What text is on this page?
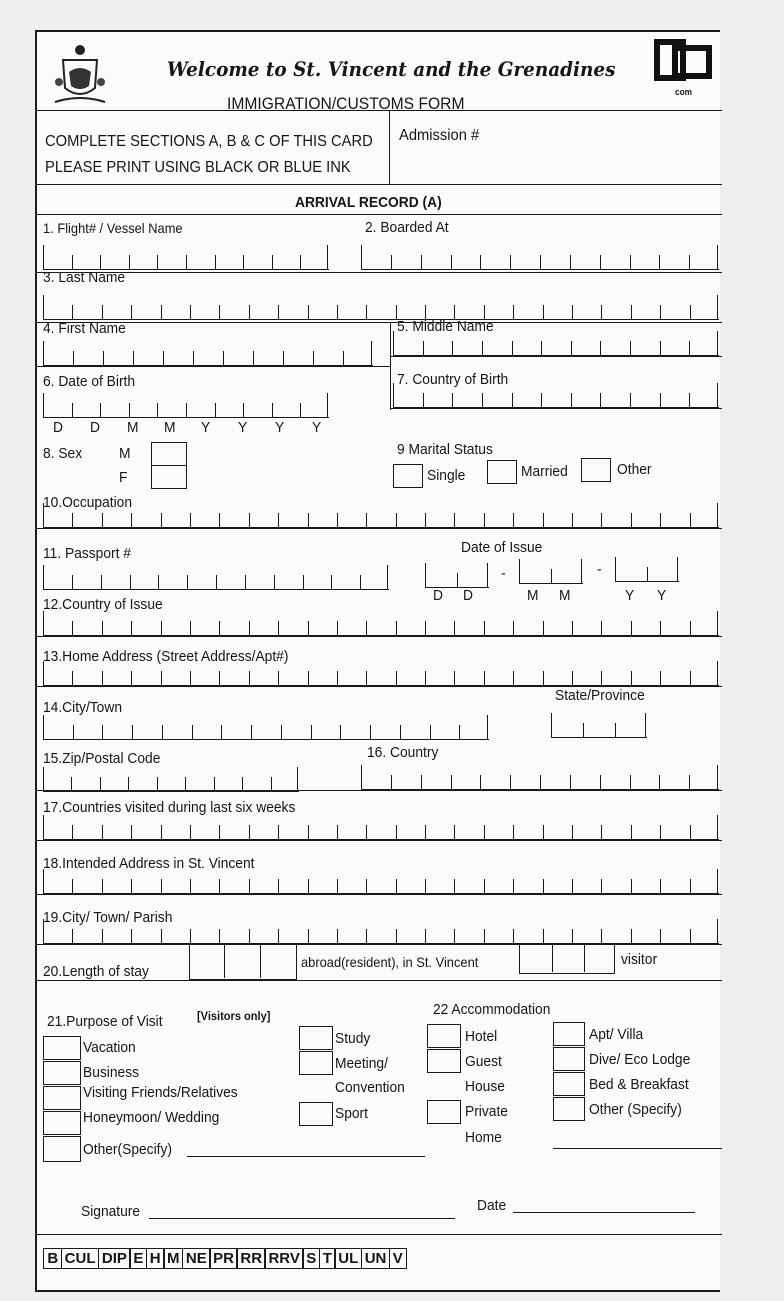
Welcome to St. Vincent and the Grenadines
IMMIGRATION/CUSTOMS FORM
com
COMPLETE SECTIONS A, B & C OF THIS CARD
PLEASE PRINT USING BLACK OR BLUE INK
Admission #
ARRIVAL RECORD (A)
1. Flight# / Vessel Name	2. Boarded At
3. Last Name
4. First Name	5. Middle Name
6. Date of Birth	7. Country of Birth
D D M M Y Y Y Y
8. Sex M
F
9 Marital Status
Single	Married	Other
10.Occupation
11. Passport #	Date of Issue
-	-
D D	M M	Y Y
12.Country of Issue
13.Home Address (Street Address/Apt#)
14.City/Town
State/Province
15.Zip/Postal Code	16. Country
17.Countries visited during last six weeks
18.Intended Address in St. Vincent
19.City/ Town/ Parish
20.Length of stay
abroad(resident), in St. Vincent	visitor
21.Purpose of Visit	[Visitors only]	22 Accommodation
Vacation
Business
Visiting Friends/Relatives
Honeymoon/ Wedding
Other(Specify)
Study
Meeting/
Convention
Sport
Hotel
Guest
House
Private
Home
Apt/ Villa
Dive/ Eco Lodge
Bed & Breakfast
Other (Specify)
Signature	Date
B CUL DIP E H M NE PR RR RRV S T UL UN V
